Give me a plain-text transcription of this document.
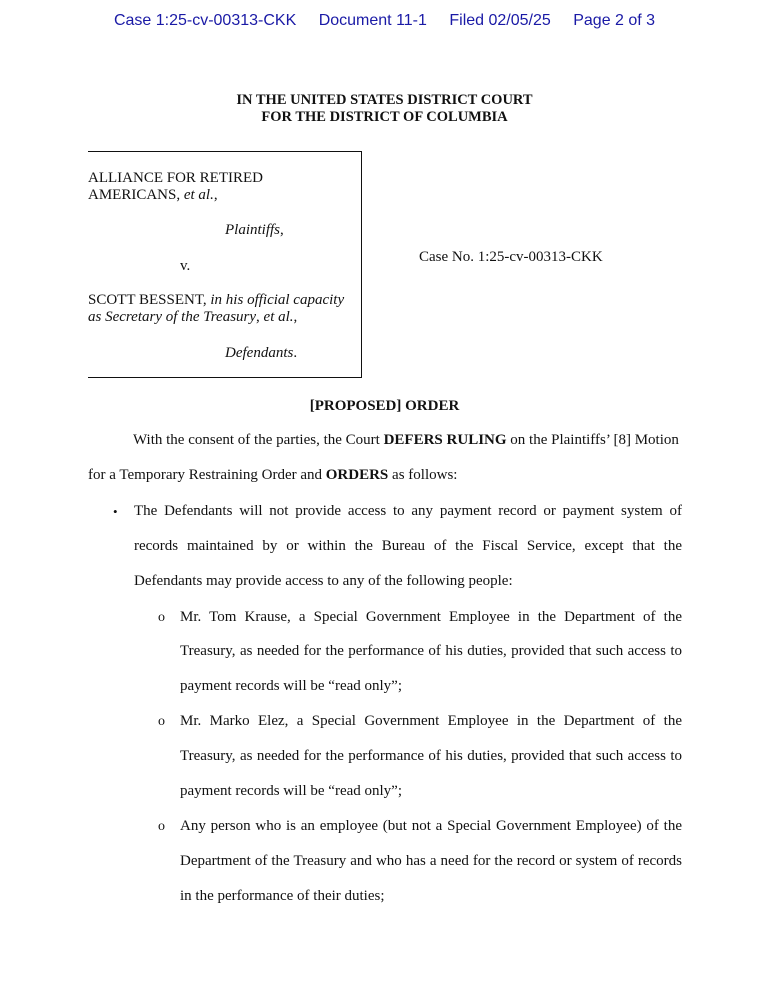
Case 1:25-cv-00313-CKK Document 11-1 Filed 02/05/25 Page 2 of 3
IN THE UNITED STATES DISTRICT COURT
FOR THE DISTRICT OF COLUMBIA
ALLIANCE FOR RETIRED
AMERICANS, et al.,
Plaintiffs,
v.
SCOTT BESSENT, in his official capacity
as Secretary of the Treasury, et al.,
Defendants.
Case No. 1:25-cv-00313-CKK
[PROPOSED] ORDER
With the consent of the parties, the Court DEFERS RULING on the Plaintiffs’ [8] Motion
for a Temporary Restraining Order and ORDERS as follows:
• The Defendants will not provide access to any payment record or payment system of
records maintained by or within the Bureau of the Fiscal Service, except that the
Defendants may provide access to any of the following people:
o Mr. Tom Krause, a Special Government Employee in the Department of the
Treasury, as needed for the performance of his duties, provided that such access to
payment records will be “read only”;
o Mr. Marko Elez, a Special Government Employee in the Department of the
Treasury, as needed for the performance of his duties, provided that such access to
payment records will be “read only”;
o Any person who is an employee (but not a Special Government Employee) of the
Department of the Treasury and who has a need for the record or system of records
in the performance of their duties;
